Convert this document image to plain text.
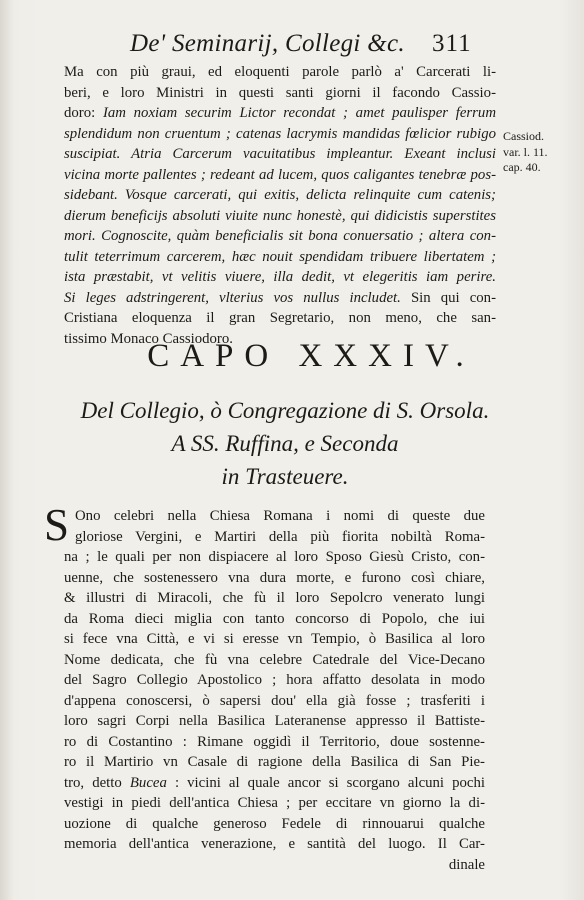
De' Seminarij, Collegi &c. 311
Ma con più graui, ed eloquenti parole parlò a' Carcerati li-
beri, e loro Ministri in questi santi giorni il facondo Cassio-
doro: Iam noxiam securim Lictor recondat ; amet paulisper ferrum
splendidum non cruentum ; catenas lacrymis mandidas fœlicior rubigo
suscipiat. Atria Carcerum vacuitatibus impleantur. Exeant inclusi
vicina morte pallentes ; redeant ad lucem, quos caligantes tenebræ pos-
sidebant. Vosque carcerati, qui exitis, delicta relinquite cum catenis;
dierum beneficijs absoluti viuite nunc honestè, qui didicistis superstites
mori. Cognoscite, quàm beneficialis sit bona conuersatio ; altera con-
tulit teterrimum carcerem, hæc nouit spendidam tribuere libertatem ;
ista præstabit, vt velitis viuere, illa dedit, vt elegeritis iam perire.
Si leges adstringerent, vlterius vos nullus includet. Sin qui con-
Cristiana eloquenza il gran Segretario, non meno, che san-
tissimo Monaco Cassiodoro.
Cassiod.
var. l. 11.
cap. 40.
CAPO XXXIV.
Del Collegio, ò Congregazione di S. Orsola.
A SS. Ruffina, e Seconda
in Trasteuere.
S Ono celebri nella Chiesa Romana i nomi di queste due
gloriose Vergini, e Martiri della più fiorita nobiltà Roma-
na ; le quali per non dispiacere al loro Sposo Giesù Cristo, con-
uenne, che sostenessero vna dura morte, e furono così chiare,
& illustri di Miracoli, che fù il loro Sepolcro venerato lungi
da Roma dieci miglia con tanto concorso di Popolo, che iui
si fece vna Città, e vi si eresse vn Tempio, ò Basilica al loro
Nome dedicata, che fù vna celebre Catedrale del Vice-Decano
del Sagro Collegio Apostolico ; hora affatto desolata in modo
d'appena conoscersi, ò sapersi dou' ella già fosse ; trasferiti i
loro sagri Corpi nella Basilica Lateranense appresso il Battiste-
ro di Costantino : Rimane oggidì il Territorio, doue sostenne-
ro il Martirio vn Casale di ragione della Basilica di San Pie-
tro, detto Bucea : vicini al quale ancor si scorgano alcuni pochi
vestigi in piedi dell'antica Chiesa ; per eccitare vn giorno la di-
uozione di qualche generoso Fedele di rinnouarui qualche
memoria dell'antica venerazione, e santità del luogo. Il Car-
dinale
